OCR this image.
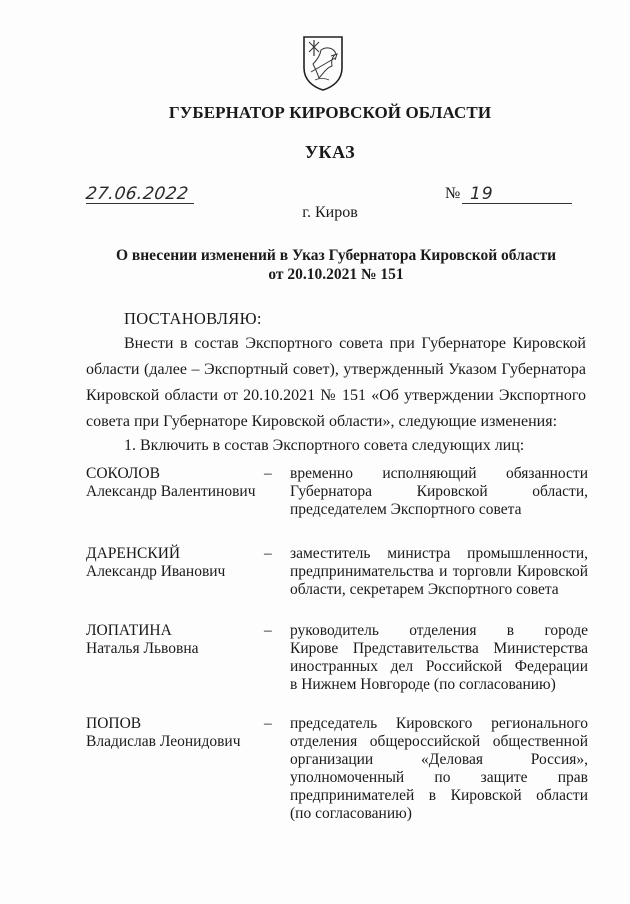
ГУБЕРНАТОР КИРОВСКОЙ ОБЛАСТИ
УКАЗ
27.06.2022	№ 19
г. Киров
О внесении изменений в Указ Губернатора Кировской области
от 20.10.2021 № 151
ПОСТАНОВЛЯЮ:
Внести в состав Экспортного совета при Губернаторе Кировской
области (далее – Экспортный совет), утвержденный Указом Губернатора
Кировской области от 20.10.2021 № 151 «Об утверждении Экспортного
совета при Губернаторе Кировской области», следующие изменения:
1. Включить в состав Экспортного совета следующих лиц:
СОКОЛОВ
Александр Валентинович
– временно исполняющий обязанности
Губернатора Кировской области,
председателем Экспортного совета
ДАРЕНСКИЙ
Александр Иванович
– заместитель министра промышленности,
предпринимательства и торговли Кировской
области, секретарем Экспортного совета
ЛОПАТИНА
Наталья Львовна
– руководитель отделения в городе
Кирове Представительства Министерства
иностранных дел Российской Федерации
в Нижнем Новгороде (по согласованию)
ПОПОВ
Владислав Леонидович
– председатель Кировского регионального
отделения общероссийской общественной
организации «Деловая Россия»,
уполномоченный по защите прав
предпринимателей в Кировской области
(по согласованию)
